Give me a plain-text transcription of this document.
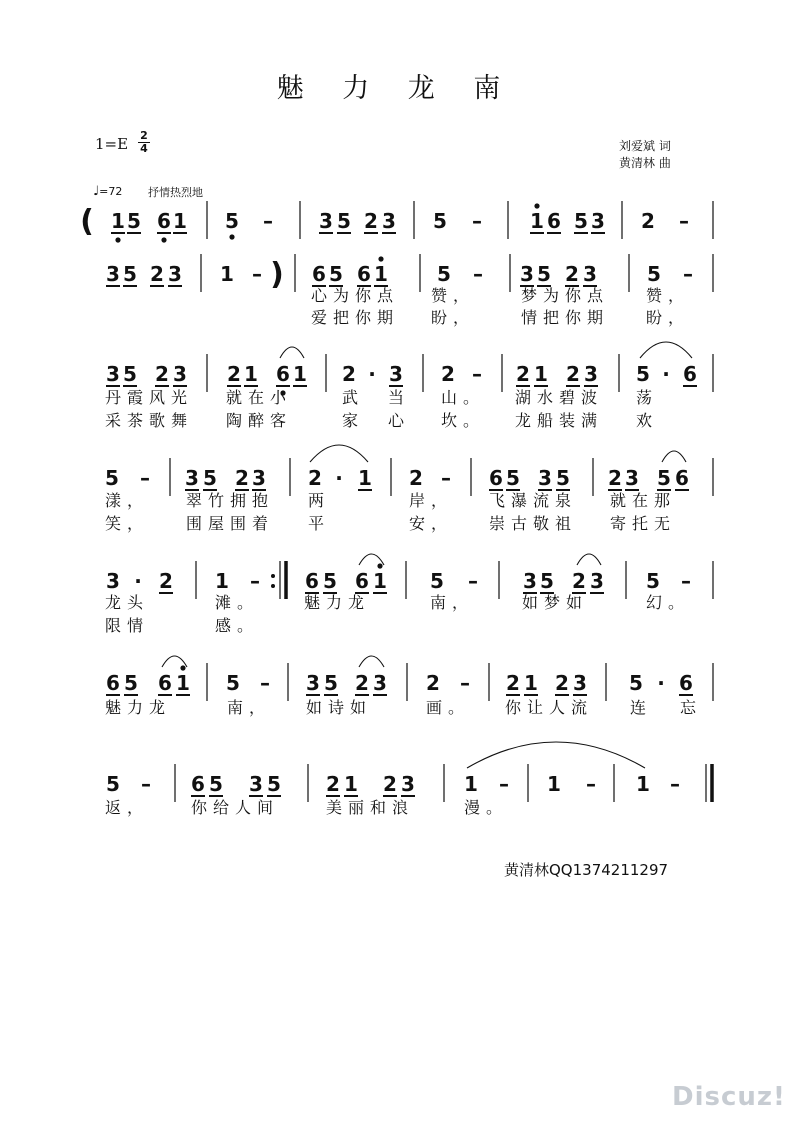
魅 力 龙 南
1=E 2
4	刘爱斌 词
黄清林 曲
♩=72 抒情热烈地
( 1 5 6 1 5 – 3 5 2 3 5 – 1 6 5 3 2 –
3 5 2 3 1 – ) 6 5 6 1 5 – 3 5 2 3	5 –
3 5 2 3 2 1 6 1 2 · 3 2 – 2 1 2 3 5 · 6
5 – 3 5 2 3 2 · 1 2 – 6 5 3 5 2 3 5 6
3 · 2 1 – 6 5 6 1 5 – 3 5 2 3 5 –
6 5 6 1 5 – 3 5 2 3 2 – 2 1 2 3 5 · 6
5 – 6 5 3 5 2 1 2 3 1 – 1 – 1 –
心为你点 赞，	梦为你点 赞，
爱把你期 盼，	情把你期 盼，
丹霞风光 就在小	武 当 山。 湖水碧波 荡
采茶歌舞 陶醉客	家 心 坎。 龙船装满 欢
漾， 翠竹拥抱 两	岸， 飞瀑流泉 就在那
笑， 围屋围着 平	安， 崇古敬祖 寄托无
龙头	滩。	魅力龙	南，	如梦如	幻。
限情	感。
魅力龙	南， 如诗如	画。 你让人流 连 忘
返，	你给人间	美丽和浪	漫。
黄清林QQ1374211297
Discuz!
